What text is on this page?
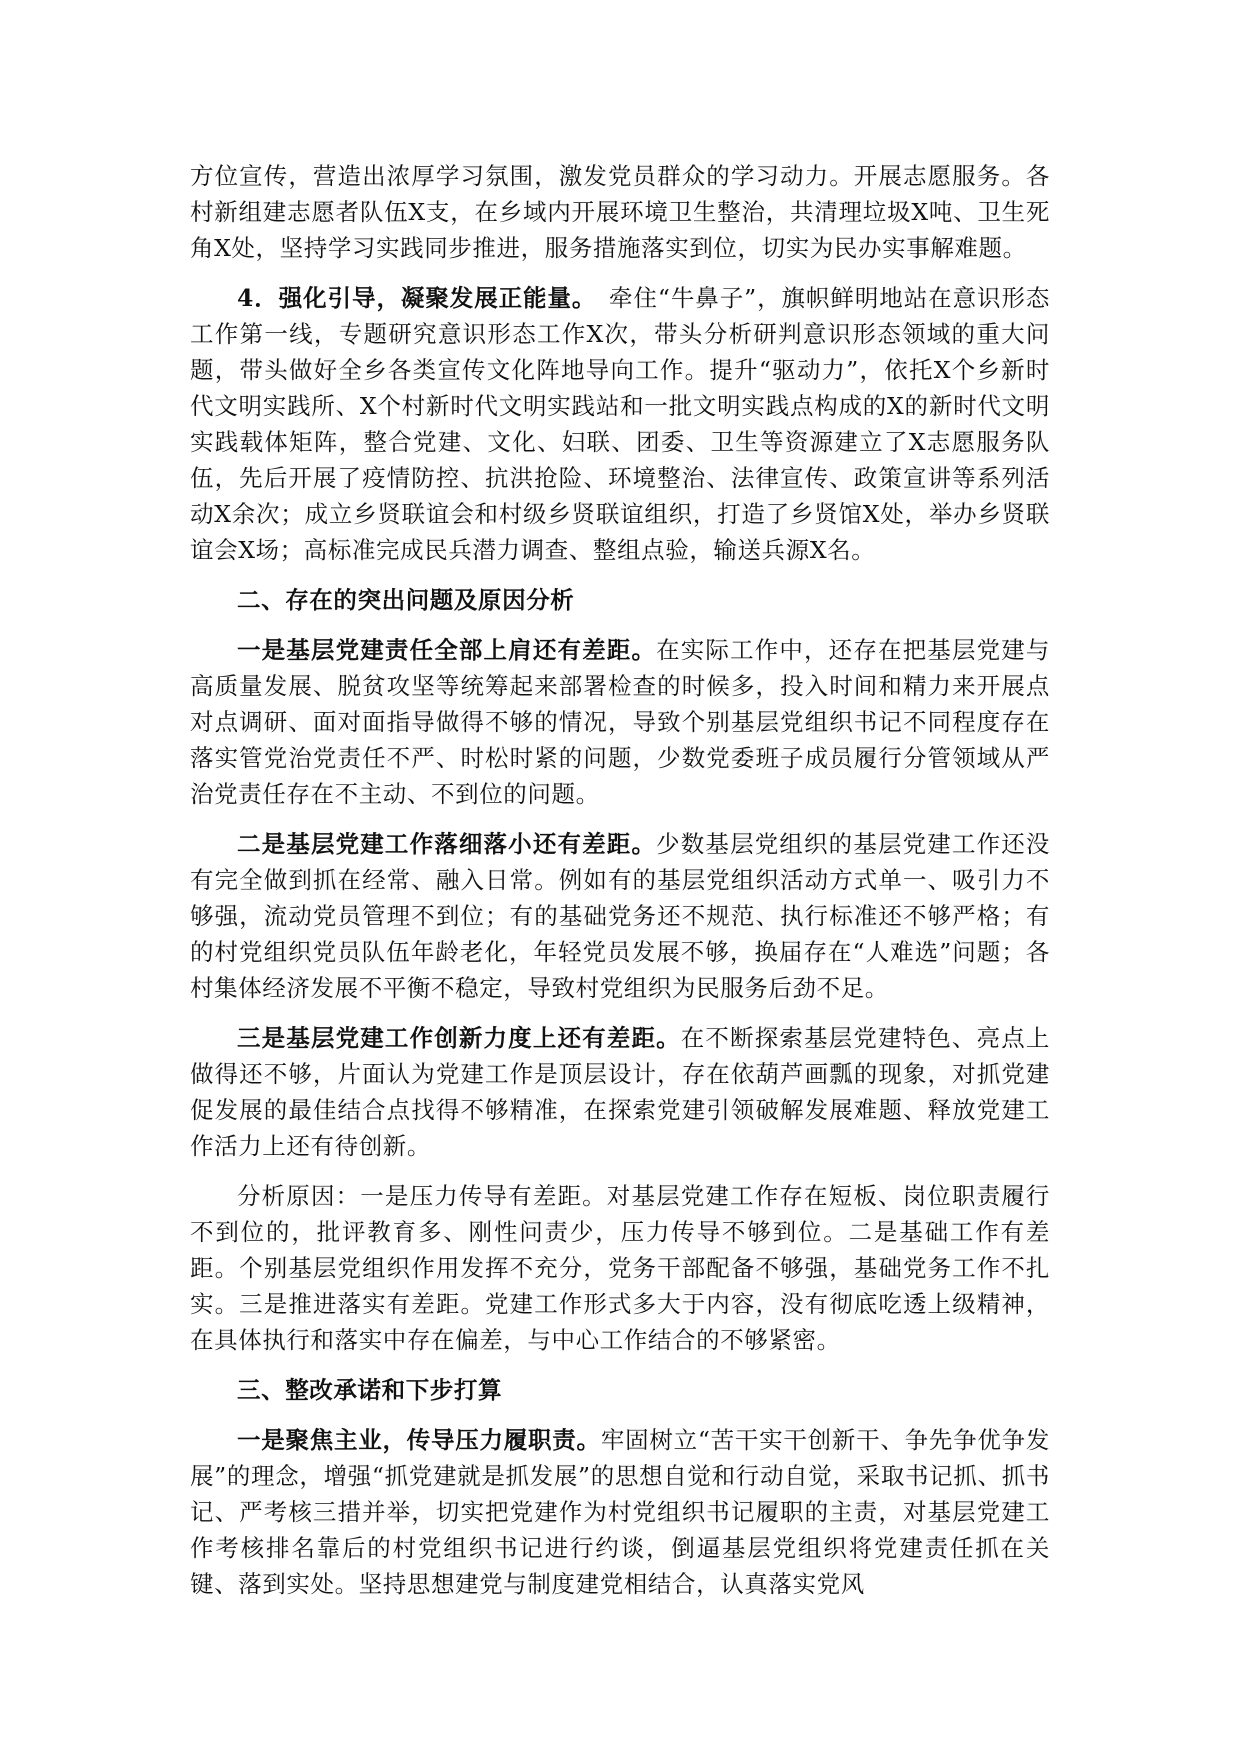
方位宣传，营造出浓厚学习氛围，激发党员群众的学习动力。开展志愿服务。各村新组建志愿者队伍X支，在乡域内开展环境卫生整治，共清理垃圾X吨、卫生死角X处，坚持学习实践同步推进，服务措施落实到位，切实为民办实事解难题。

4．强化引导，凝聚发展正能量。　牵住“牛鼻子”，旗帜鲜明地站在意识形态工作第一线，专题研究意识形态工作X次，带头分析研判意识形态领域的重大问题，带头做好全乡各类宣传文化阵地导向工作。提升“驱动力”，依托X个乡新时代文明实践所、X个村新时代文明实践站和一批文明实践点构成的X的新时代文明实践载体矩阵，整合党建、文化、妇联、团委、卫生等资源建立了X志愿服务队伍，先后开展了疫情防控、抗洪抢险、环境整治、法律宣传、政策宣讲等系列活动X余次；成立乡贤联谊会和村级乡贤联谊组织，打造了乡贤馆X处，举办乡贤联谊会X场；高标准完成民兵潜力调查、整组点验，输送兵源X名。

二、存在的突出问题及原因分析

一是基层党建责任全部上肩还有差距。在实际工作中，还存在把基层党建与高质量发展、脱贫攻坚等统筹起来部署检查的时候多，投入时间和精力来开展点对点调研、面对面指导做得不够的情况，导致个别基层党组织书记不同程度存在落实管党治党责任不严、时松时紧的问题，少数党委班子成员履行分管领域从严治党责任存在不主动、不到位的问题。

二是基层党建工作落细落小还有差距。少数基层党组织的基层党建工作还没有完全做到抓在经常、融入日常。例如有的基层党组织活动方式单一、吸引力不够强，流动党员管理不到位；有的基础党务还不规范、执行标准还不够严格；有的村党组织党员队伍年龄老化，年轻党员发展不够，换届存在“人难选”问题；各村集体经济发展不平衡不稳定，导致村党组织为民服务后劲不足。

三是基层党建工作创新力度上还有差距。在不断探索基层党建特色、亮点上做得还不够，片面认为党建工作是顶层设计，存在依葫芦画瓢的现象，对抓党建促发展的最佳结合点找得不够精准，在探索党建引领破解发展难题、释放党建工作活力上还有待创新。

分析原因：一是压力传导有差距。对基层党建工作存在短板、岗位职责履行不到位的，批评教育多、刚性问责少，压力传导不够到位。二是基础工作有差距。个别基层党组织作用发挥不充分，党务干部配备不够强，基础党务工作不扎实。三是推进落实有差距。党建工作形式多大于内容，没有彻底吃透上级精神，在具体执行和落实中存在偏差，与中心工作结合的不够紧密。

三、整改承诺和下步打算

一是聚焦主业，传导压力履职责。牢固树立“苦干实干创新干、争先争优争发展”的理念，增强“抓党建就是抓发展”的思想自觉和行动自觉，采取书记抓、抓书记、严考核三措并举，切实把党建作为村党组织书记履职的主责，对基层党建工作考核排名靠后的村党组织书记进行约谈，倒逼基层党组织将党建责任抓在关键、落到实处。坚持思想建党与制度建党相结合，认真落实党风
